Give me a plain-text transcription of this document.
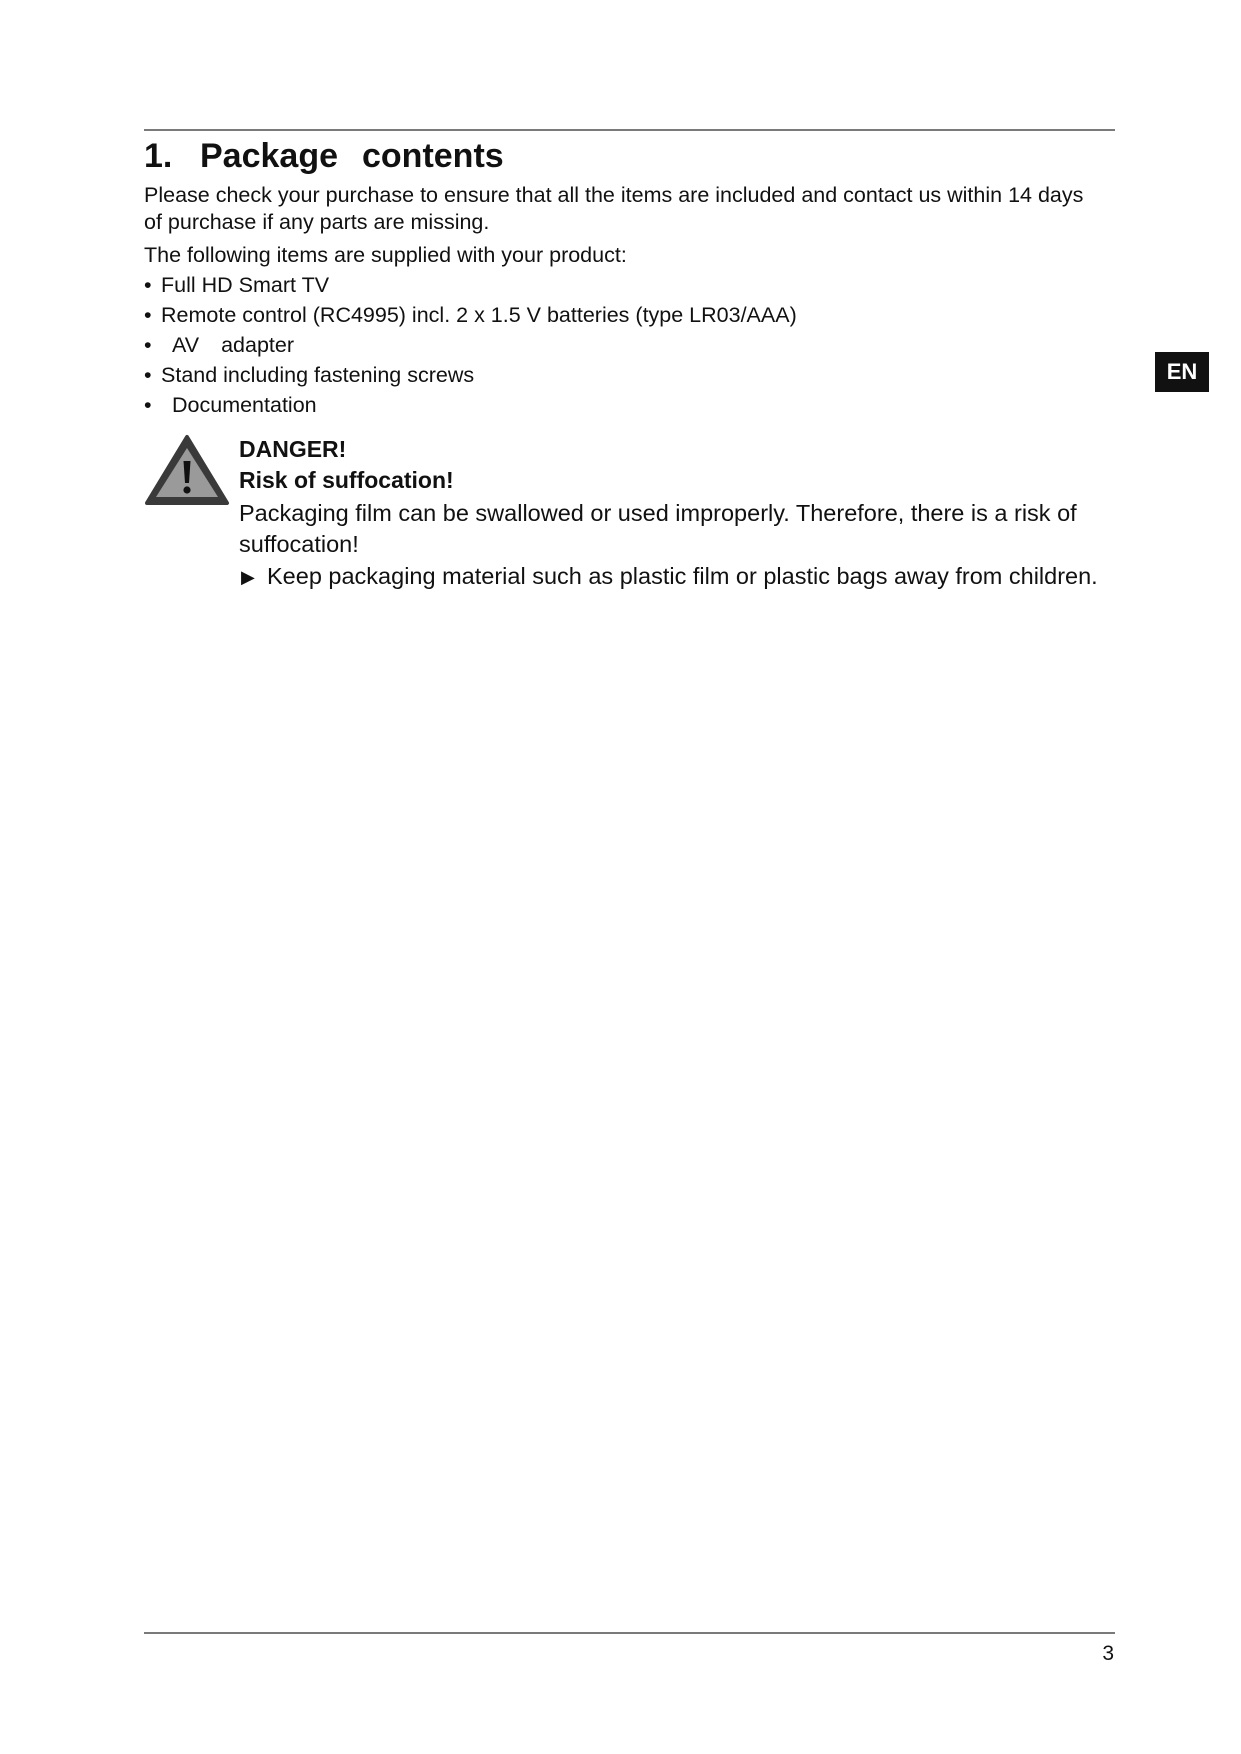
1. Package contents

Please check your purchase to ensure that all the items are included and contact us within 14 days
of purchase if any parts are missing.

The following items are supplied with your product:

• Full HD Smart TV
• Remote control (RC4995) incl. 2 x 1.5 V batteries (type LR03/AAA)
• AV adapter
• Stand including fastening screws
• Documentation
EN

DANGER!

Risk of suffocation!

Packaging film can be swallowed or used improperly. Therefore, there is a risk of
suffocation!

▶ Keep packaging material such as plastic film or plastic bags away from children.

3
